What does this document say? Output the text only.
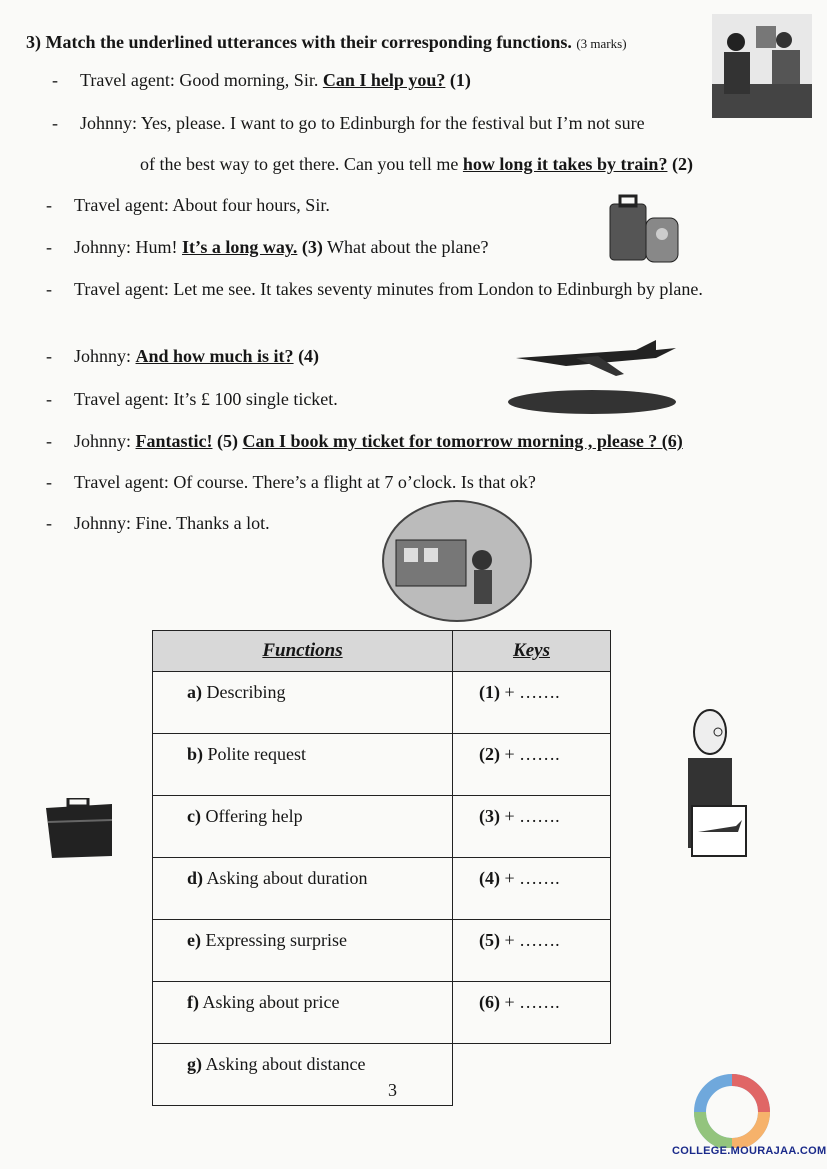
3) Match the underlined utterances with their corresponding functions. (3 marks)
- Travel agent: Good morning, Sir. Can I help you? (1)
- Johnny: Yes, please. I want to go to Edinburgh for the festival but I’m not sure
of the best way to get there. Can you tell me how long it takes by train? (2)
- Travel agent: About four hours, Sir.
- Johnny: Hum! It’s a long way. (3) What about the plane?
- Travel agent: Let me see. It takes seventy minutes from London to Edinburgh by plane.
- Johnny: And how much is it? (4)
- Travel agent: It’s £ 100 single ticket.
- Johnny: Fantastic! (5) Can I book my ticket for tomorrow morning , please ? (6)
- Travel agent: Of course. There’s a flight at 7 o’clock. Is that ok?
- Johnny: Fine. Thanks a lot.
Functions	Keys
a) Describing	(1) + …….
b) Polite request	(2) + …….
c) Offering help	(3) + …….
d) Asking about duration	(4) + …….
e) Expressing surprise	(5) + …….
f) Asking about price	(6) + …….
g) Asking about distance	
3
COLLEGE.MOURAJAA.COM
